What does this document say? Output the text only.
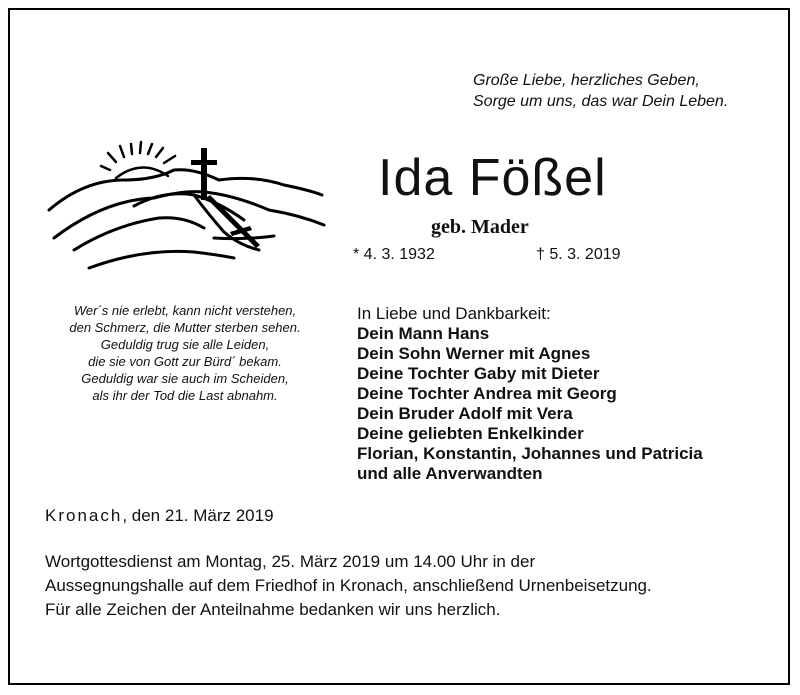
Große Liebe, herzliches Geben,
Sorge um uns, das war Dein Leben.
Ida Fößel
geb. Mader
* 4. 3. 1932	† 5. 3. 2019
Wer´s nie erlebt, kann nicht verstehen,
den Schmerz, die Mutter sterben sehen.
Geduldig trug sie alle Leiden,
die sie von Gott zur Bürd´ bekam.
Geduldig war sie auch im Scheiden,
als ihr der Tod die Last abnahm.
In Liebe und Dankbarkeit:
Dein Mann Hans
Dein Sohn Werner mit Agnes
Deine Tochter Gaby mit Dieter
Deine Tochter Andrea mit Georg
Dein Bruder Adolf mit Vera
Deine geliebten Enkelkinder
Florian, Konstantin, Johannes und Patricia
und alle Anverwandten
Kronach, den 21. März 2019
Wortgottesdienst am Montag, 25. März 2019 um 14.00 Uhr in der
Aussegnungshalle auf dem Friedhof in Kronach, anschließend Urnenbeisetzung.
Für alle Zeichen der Anteilnahme bedanken wir uns herzlich.
